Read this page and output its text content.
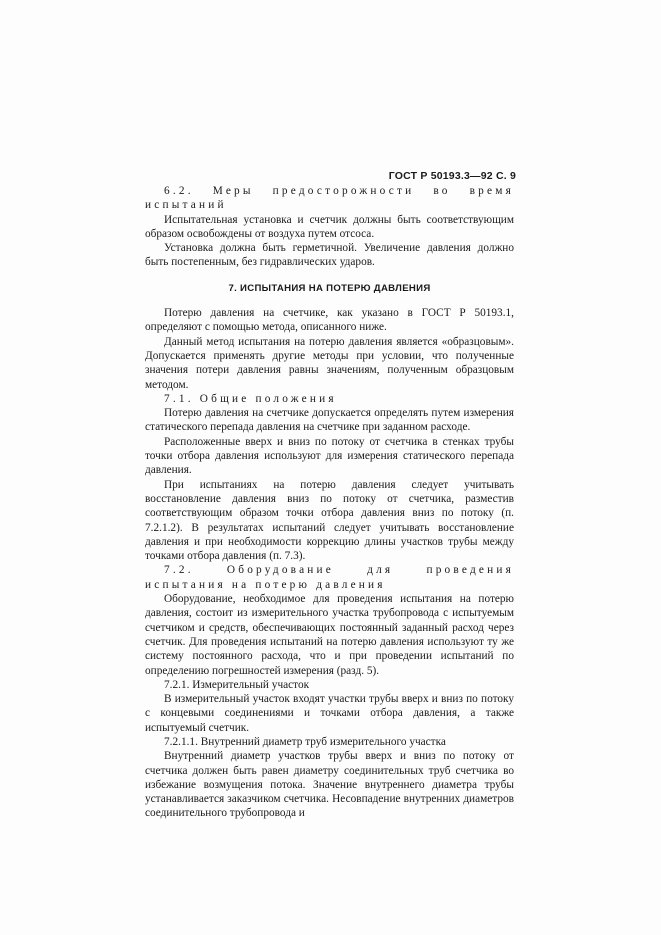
ГОСТ Р 50193.3—92 С. 9

6.2. Меры предосторожности во время испытаний

Испытательная установка и счетчик должны быть соответствующим образом освобождены от воздуха путем отсоса.

Установка должна быть герметичной. Увеличение давления должно быть постепенным, без гидравлических ударов.

7. ИСПЫТАНИЯ НА ПОТЕРЮ ДАВЛЕНИЯ

Потерю давления на счетчике, как указано в ГОСТ Р 50193.1, определяют с помощью метода, описанного ниже.

Данный метод испытания на потерю давления является «образцовым». Допускается применять другие методы при условии, что полученные значения потери давления равны значениям, полученным образцовым методом.

7.1. Общие положения

Потерю давления на счетчике допускается определять путем измерения статического перепада давления на счетчике при заданном расходе.

Расположенные вверх и вниз по потоку от счетчика в стенках трубы точки отбора давления используют для измерения статического перепада давления.

При испытаниях на потерю давления следует учитывать восстановление давления вниз по потоку от счетчика, разместив соответствующим образом точки отбора давления вниз по потоку (п. 7.2.1.2). В результатах испытаний следует учитывать восстановление давления и при необходимости коррекцию длины участков трубы между точками отбора давления (п. 7.3).

7.2. Оборудование для проведения испытания на потерю давления

Оборудование, необходимое для проведения испытания на потерю давления, состоит из измерительного участка трубопровода с испытуемым счетчиком и средств, обеспечивающих постоянный заданный расход через счетчик. Для проведения испытаний на потерю давления используют ту же систему постоянного расхода, что и при проведении испытаний по определению погрешностей измерения (разд. 5).

7.2.1. Измерительный участок

В измерительный участок входят участки трубы вверх и вниз по потоку с концевыми соединениями и точками отбора давления, а также испытуемый счетчик.

7.2.1.1. Внутренний диаметр труб измерительного участка

Внутренний диаметр участков трубы вверх и вниз по потоку от счетчика должен быть равен диаметру соединительных труб счетчика во избежание возмущения потока. Значение внутреннего диаметра трубы устанавливается заказчиком счетчика. Несовпадение внутренних диаметров соединительного трубопровода и
